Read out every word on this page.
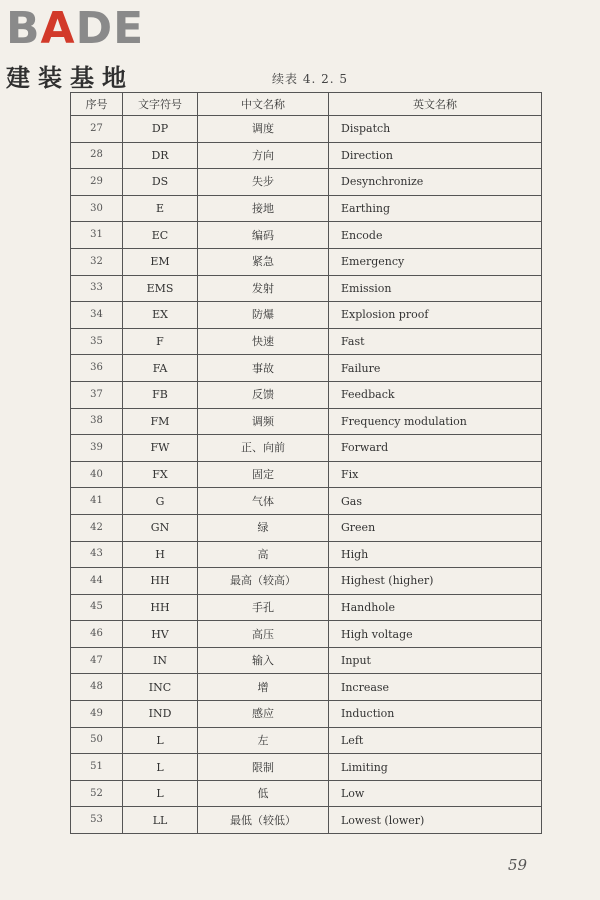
BADE
建装基地	续表 4. 2. 5
序号	文字符号	中文名称	英文名称
27	DP	调度	Dispatch
28	DR	方向	Direction
29	DS	失步	Desynchronize
30	E	接地	Earthing
31	EC	编码	Encode
32	EM	紧急	Emergency
33	EMS	发射	Emission
34	EX	防爆	Explosion proof
35	F	快速	Fast
36	FA	事故	Failure
37	FB	反馈	Feedback
38	FM	调频	Frequency modulation
39	FW	正、向前	Forward
40	FX	固定	Fix
41	G	气体	Gas
42	GN	绿	Green
43	H	高	High
44	HH	最高（较高）	Highest (higher)
45	HH	手孔	Handhole
46	HV	高压	High voltage
47	IN	输入	Input
48	INC	增	Increase
49	IND	感应	Induction
50	L	左	Left
51	L	限制	Limiting
52	L	低	Low
53	LL	最低（较低）	Lowest (lower)
59
